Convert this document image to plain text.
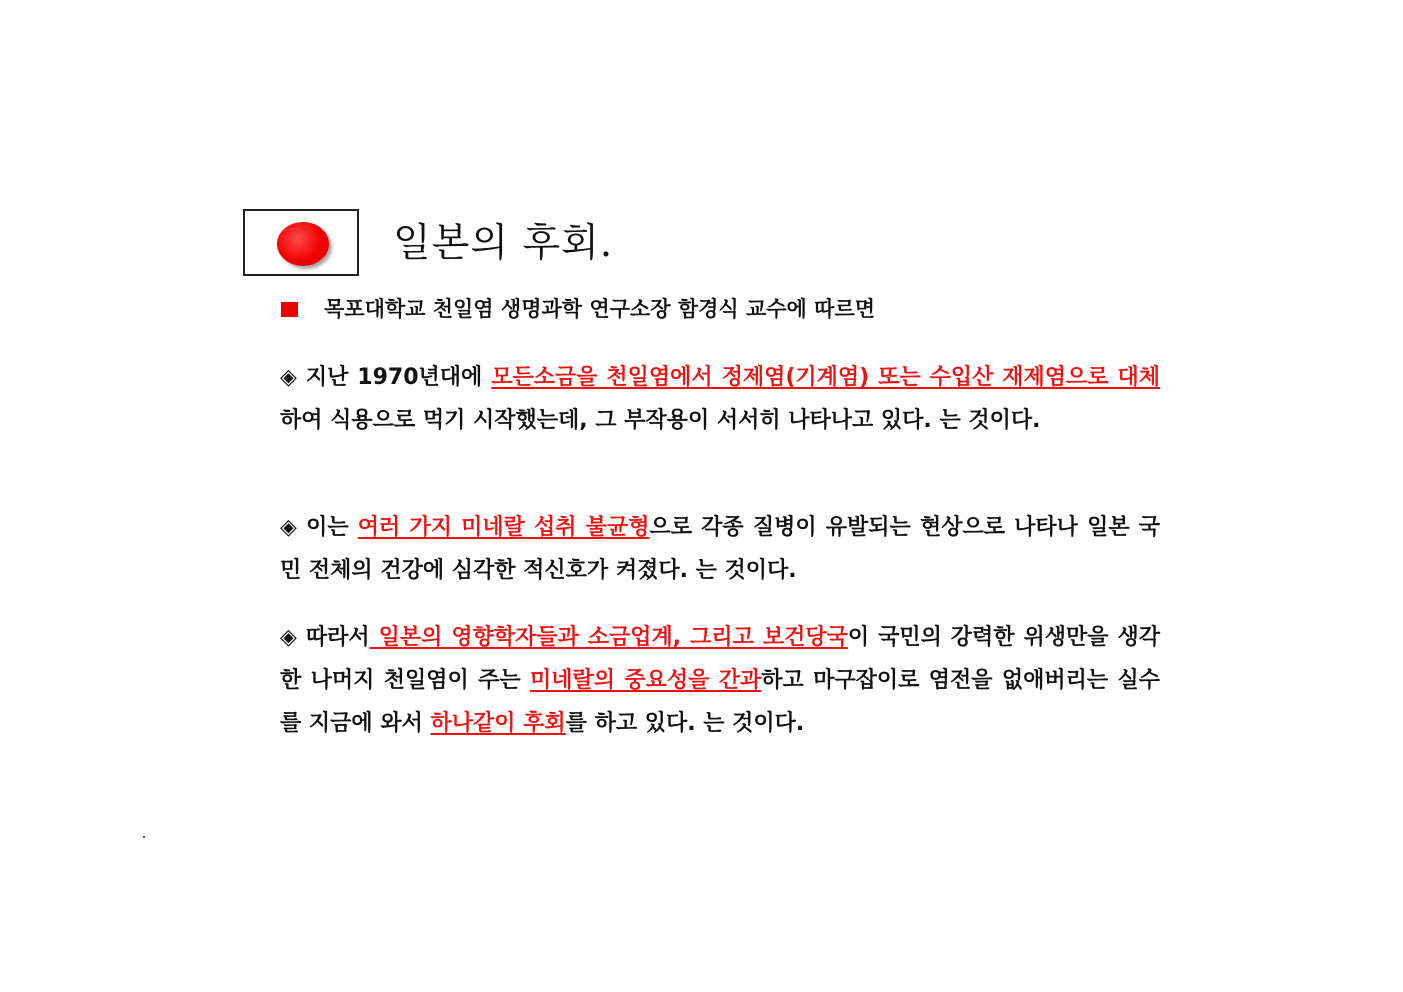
일본의 후회.
목포대학교 천일염 생명과학 연구소장 함경식 교수에 따르면
◈ 지난 1970년대에 모든소금을 천일염에서 정제염(기계염) 또는 수입산 재제염으로 대체하여 식용으로 먹기 시작했는데, 그 부작용이 서서히 나타나고 있다. 는 것이다.
◈ 이는 여러 가지 미네랄 섭취 불균형으로 각종 질병이 유발되는 현상으로 나타나 일본 국민 전체의 건강에 심각한 적신호가 켜졌다. 는 것이다.
◈ 따라서 일본의 영향학자들과 소금업계, 그리고 보건당국이 국민의 강력한 위생만을 생각한 나머지 천일염이 주는 미네랄의 중요성을 간과하고 마구잡이로 염전을 없애버리는 실수를 지금에 와서 하나같이 후회를 하고 있다. 는 것이다.
